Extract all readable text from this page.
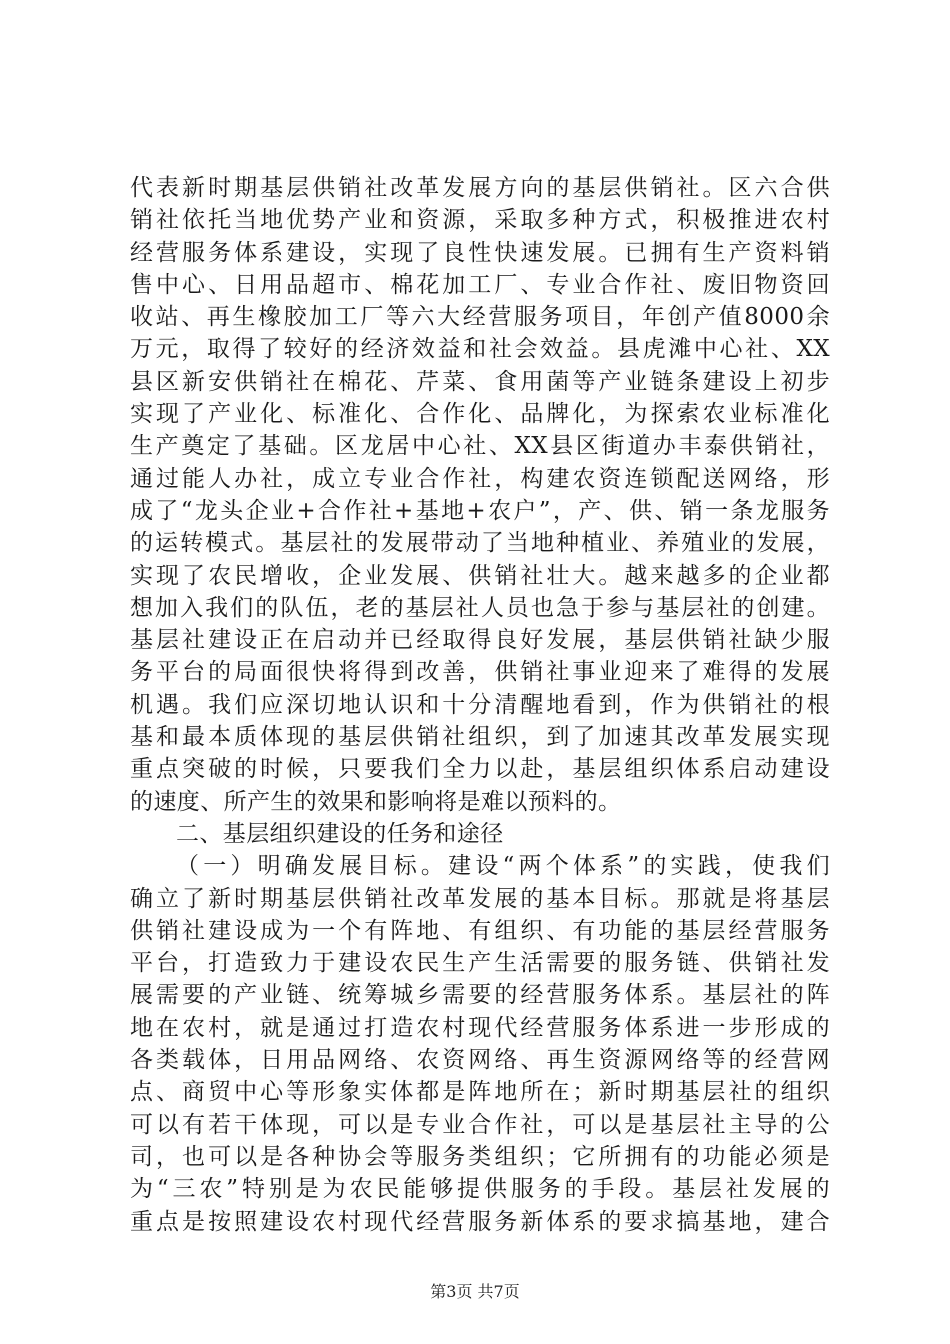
代表新时期基层供销社改革发展方向的基层供销社。区六合供
销社依托当地优势产业和资源，采取多种方式，积极推进农村
经营服务体系建设，实现了良性快速发展。已拥有生产资料销
售中心、日用品超市、棉花加工厂、专业合作社、废旧物资回
收站、再生橡胶加工厂等六大经营服务项目，年创产值8000余
万元，取得了较好的经济效益和社会效益。县虎滩中心社、XX
县区新安供销社在棉花、芹菜、食用菌等产业链条建设上初步
实现了产业化、标准化、合作化、品牌化，为探索农业标准化
生产奠定了基础。区龙居中心社、XX县区街道办丰泰供销社，
通过能人办社，成立专业合作社，构建农资连锁配送网络，形
成了“龙头企业+合作社+基地+农户”，产、供、销一条龙服务
的运转模式。基层社的发展带动了当地种植业、养殖业的发展，
实现了农民增收，企业发展、供销社壮大。越来越多的企业都
想加入我们的队伍，老的基层社人员也急于参与基层社的创建。
基层社建设正在启动并已经取得良好发展，基层供销社缺少服
务平台的局面很快将得到改善，供销社事业迎来了难得的发展
机遇。我们应深切地认识和十分清醒地看到，作为供销社的根
基和最本质体现的基层供销社组织，到了加速其改革发展实现
重点突破的时候，只要我们全力以赴，基层组织体系启动建设
的速度、所产生的效果和影响将是难以预料的。
二、基层组织建设的任务和途径
（一）明确发展目标。建设“两个体系”的实践，使我们
确立了新时期基层供销社改革发展的基本目标。那就是将基层
供销社建设成为一个有阵地、有组织、有功能的基层经营服务
平台，打造致力于建设农民生产生活需要的服务链、供销社发
展需要的产业链、统筹城乡需要的经营服务体系。基层社的阵
地在农村，就是通过打造农村现代经营服务体系进一步形成的
各类载体，日用品网络、农资网络、再生资源网络等的经营网
点、商贸中心等形象实体都是阵地所在；新时期基层社的组织
可以有若干体现，可以是专业合作社，可以是基层社主导的公
司，也可以是各种协会等服务类组织；它所拥有的功能必须是
为“三农”特别是为农民能够提供服务的手段。基层社发展的
重点是按照建设农村现代经营服务新体系的要求搞基地，建合
第3页 共7页
